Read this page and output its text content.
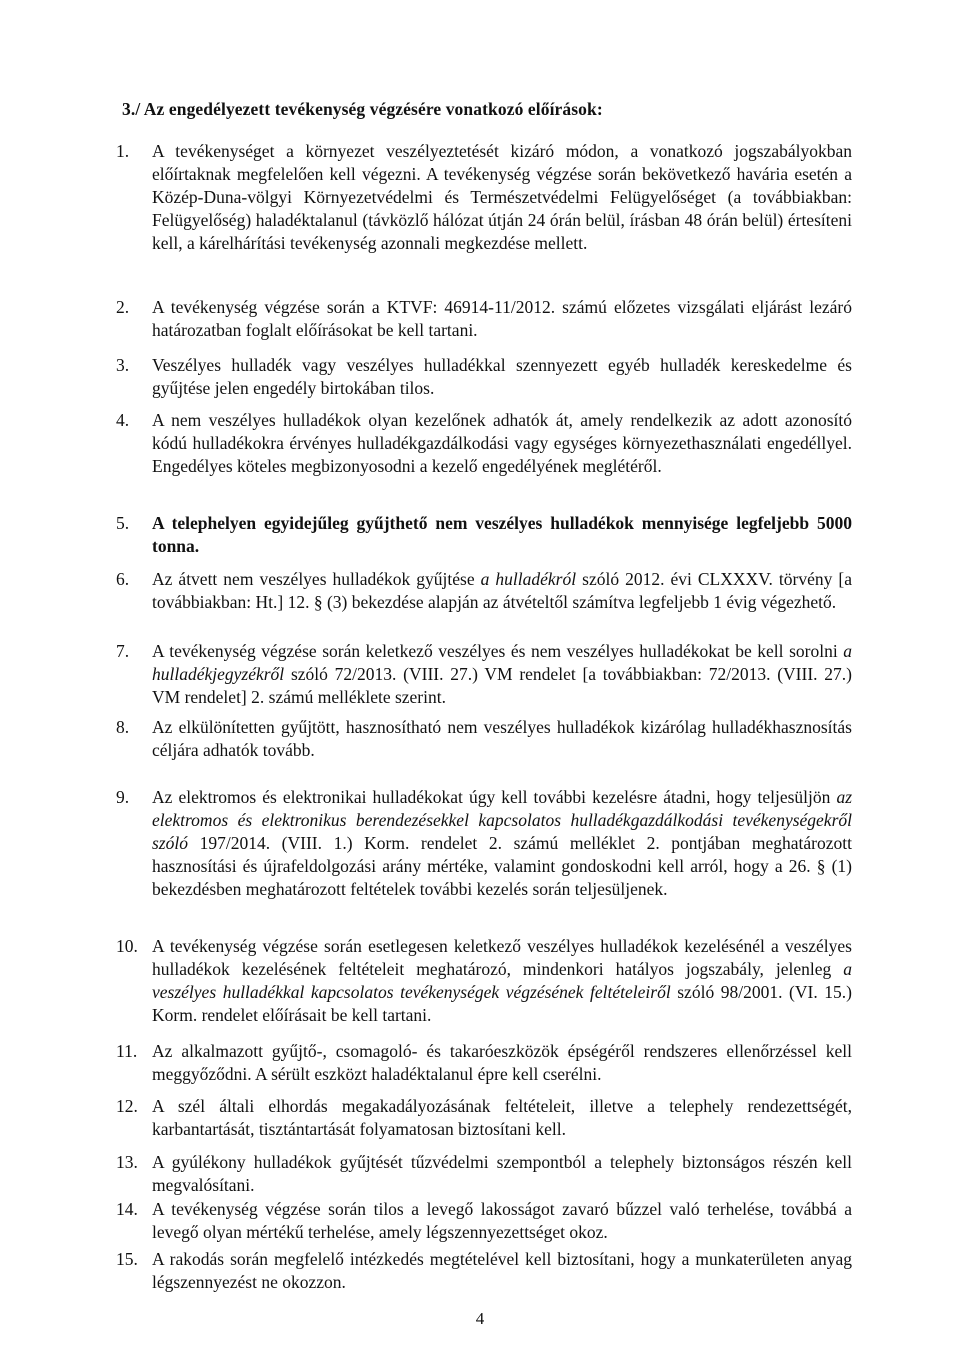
3./ Az engedélyezett tevékenység végzésére vonatkozó előírások:
1.	A tevékenységet a környezet veszélyeztetését kizáró módon, a vonatkozó jogszabályokban előírtaknak megfelelően kell végezni. A tevékenység végzése során bekövetkező havária esetén a Közép-Duna-völgyi Környezetvédelmi és Természetvédelmi Felügyelőséget (a továbbiakban: Felügyelőség) haladéktalanul (távközlő hálózat útján 24 órán belül, írásban 48 órán belül) értesíteni kell, a kárelhárítási tevékenység azonnali megkezdése mellett.
2.	A tevékenység végzése során a KTVF: 46914-11/2012. számú előzetes vizsgálati eljárást lezáró határozatban foglalt előírásokat be kell tartani.
3.	Veszélyes hulladék vagy veszélyes hulladékkal szennyezett egyéb hulladék kereskedelme és gyűjtése jelen engedély birtokában tilos.
4.	A nem veszélyes hulladékok olyan kezelőnek adhatók át, amely rendelkezik az adott azonosító kódú hulladékokra érvényes hulladékgazdálkodási vagy egységes környezethasználati engedéllyel. Engedélyes köteles megbizonyosodni a kezelő engedélyének meglétéről.
5.	A telephelyen egyidejűleg gyűjthető nem veszélyes hulladékok mennyisége legfeljebb 5000 tonna.
6.	Az átvett nem veszélyes hulladékok gyűjtése a hulladékról szóló 2012. évi CLXXXV. törvény [a továbbiakban: Ht.] 12. § (3) bekezdése alapján az átvételtől számítva legfeljebb 1 évig végezhető.
7.	A tevékenység végzése során keletkező veszélyes és nem veszélyes hulladékokat be kell sorolni a hulladékjegyzékről szóló 72/2013. (VIII. 27.) VM rendelet [a továbbiakban: 72/2013. (VIII. 27.) VM rendelet] 2. számú melléklete szerint.
8.	Az elkülönítetten gyűjtött, hasznosítható nem veszélyes hulladékok kizárólag hulladékhasznosítás céljára adhatók tovább.
9.	Az elektromos és elektronikai hulladékokat úgy kell további kezelésre átadni, hogy teljesüljön az elektromos és elektronikus berendezésekkel kapcsolatos hulladékgazdálkodási tevékenységekről szóló 197/2014. (VIII. 1.) Korm. rendelet 2. számú melléklet 2. pontjában meghatározott hasznosítási és újrafeldolgozási arány mértéke, valamint gondoskodni kell arról, hogy a 26. § (1) bekezdésben meghatározott feltételek további kezelés során teljesüljenek.
10. A tevékenység végzése során esetlegesen keletkező veszélyes hulladékok kezelésénél a veszélyes hulladékok kezelésének feltételeit meghatározó, mindenkori hatályos jogszabály, jelenleg a veszélyes hulladékkal kapcsolatos tevékenységek végzésének feltételeiről szóló 98/2001. (VI. 15.) Korm. rendelet előírásait be kell tartani.
11. Az alkalmazott gyűjtő-, csomagoló- és takaróeszközök épségéről rendszeres ellenőrzéssel kell meggyőződni. A sérült eszközt haladéktalanul épre kell cserélni.
12. A szél általi elhordás megakadályozásának feltételeit, illetve a telephely rendezettségét, karbantartását, tisztántartását folyamatosan biztosítani kell.
13. A gyúlékony hulladékok gyűjtését tűzvédelmi szempontból a telephely biztonságos részén kell megvalósítani.
14. A tevékenység végzése során tilos a levegő lakosságot zavaró bűzzel való terhelése, továbbá a levegő olyan mértékű terhelése, amely légszennyezettséget okoz.
15. A rakodás során megfelelő intézkedés megtételével kell biztosítani, hogy a munkaterületen anyag légszennyezést ne okozzon.
4
